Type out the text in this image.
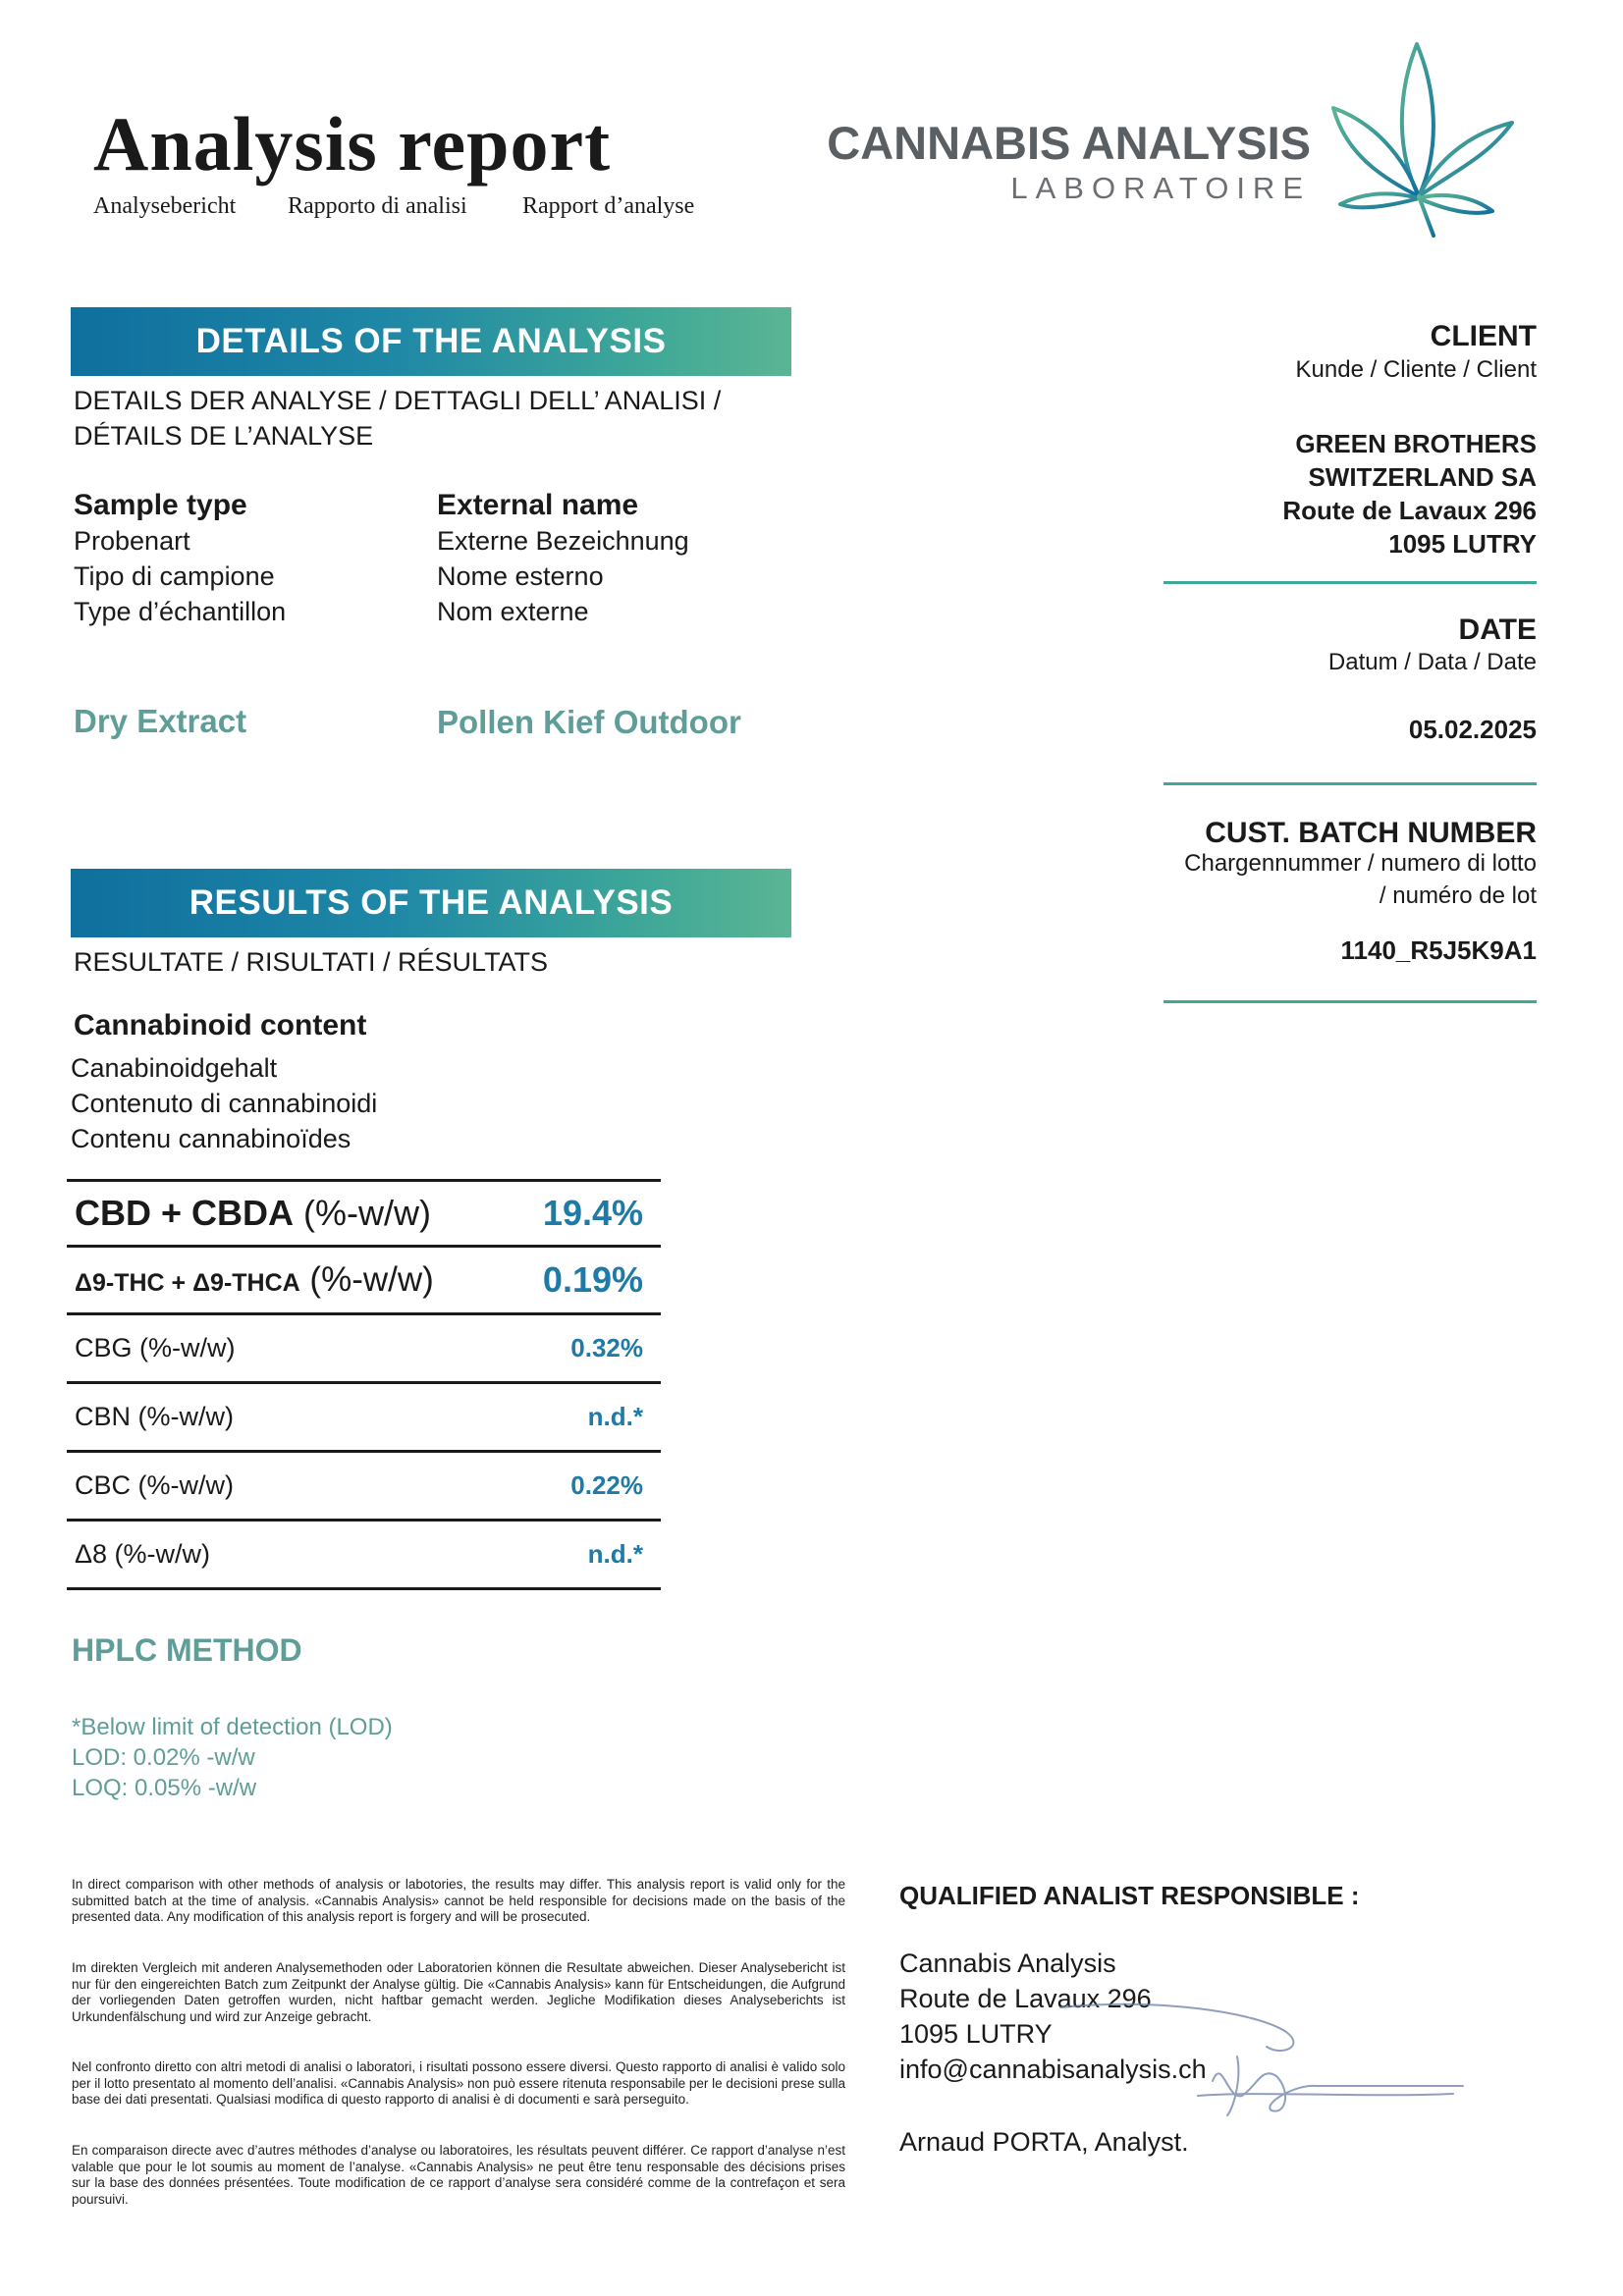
Analysis report
Analysebericht Rapporto di analisi Rapport d’analyse
CANNABIS ANALYSIS
LABORATOIRE
DETAILS OF THE ANALYSIS
DETAILS DER ANALYSE / DETTAGLI DELL’ ANALISI /
DÉTAILS DE L’ANALYSE
Sample type
Probenart
Tipo di campione
Type d’échantillon
Dry Extract
External name
Externe Bezeichnung
Nome esterno
Nom externe
Pollen Kief Outdoor
CLIENT
Kunde / Cliente / Client
GREEN BROTHERS
SWITZERLAND SA
Route de Lavaux 296
1095 LUTRY
DATE
Datum / Data / Date
05.02.2025
CUST. BATCH NUMBER
Chargennummer / numero di lotto
/ numéro de lot
1140_R5J5K9A1
RESULTS OF THE ANALYSIS
RESULTATE / RISULTATI / RÉSULTATS
Cannabinoid content
Canabinoidgehalt
Contenuto di cannabinoidi
Contenu cannabinoïdes
CBD + CBDA (%-w/w)	19.4%
Δ9-THC + Δ9-THCA (%-w/w)	0.19%
CBG (%-w/w)	0.32%
CBN (%-w/w)	n.d.*
CBC (%-w/w)	0.22%
Δ8 (%-w/w)	n.d.*
HPLC METHOD
*Below limit of detection (LOD)
LOD: 0.02% -w/w
LOQ: 0.05% -w/w
In direct comparison with other methods of analysis or labotories, the results may differ. This analysis report is valid only for the submitted batch at the time of analysis. «Cannabis Analysis» cannot be held responsible for decisions made on the basis of the presented data. Any modification of this analysis report is forgery and will be prosecuted.
Im direkten Vergleich mit anderen Analysemethoden oder Laboratorien können die Resultate abweichen. Dieser Analysebericht ist nur für den eingereichten Batch zum Zeitpunkt der Analyse gültig. Die «Cannabis Analysis» kann für Entscheidungen, die Aufgrund der vorliegenden Daten getroffen wurden, nicht haftbar gemacht werden. Jegliche Modifikation dieses Analyseberichts ist Urkundenfälschung und wird zur Anzeige gebracht.
Nel confronto diretto con altri metodi di analisi o laboratori, i risultati possono essere diversi. Questo rapporto di analisi è valido solo per il lotto presentato al momento dell’analisi. «Cannabis Analysis» non può essere ritenuta responsabile per le decisioni prese sulla base dei dati presentati. Qualsiasi modifica di questo rapporto di analisi è di documenti e sarà perseguito.
En comparaison directe avec d’autres méthodes d’analyse ou laboratoires, les résultats peuvent différer. Ce rapport d’analyse n’est valable que pour le lot soumis au moment de l’analyse. «Cannabis Analysis» ne peut être tenu responsable des décisions prises sur la base des données présentées. Toute modification de ce rapport d’analyse sera considéré comme de la contrefaçon et sera poursuivi.
QUALIFIED ANALIST RESPONSIBLE :
Cannabis Analysis
Route de Lavaux 296
1095 LUTRY
info@cannabisanalysis.ch
Arnaud PORTA, Analyst.
